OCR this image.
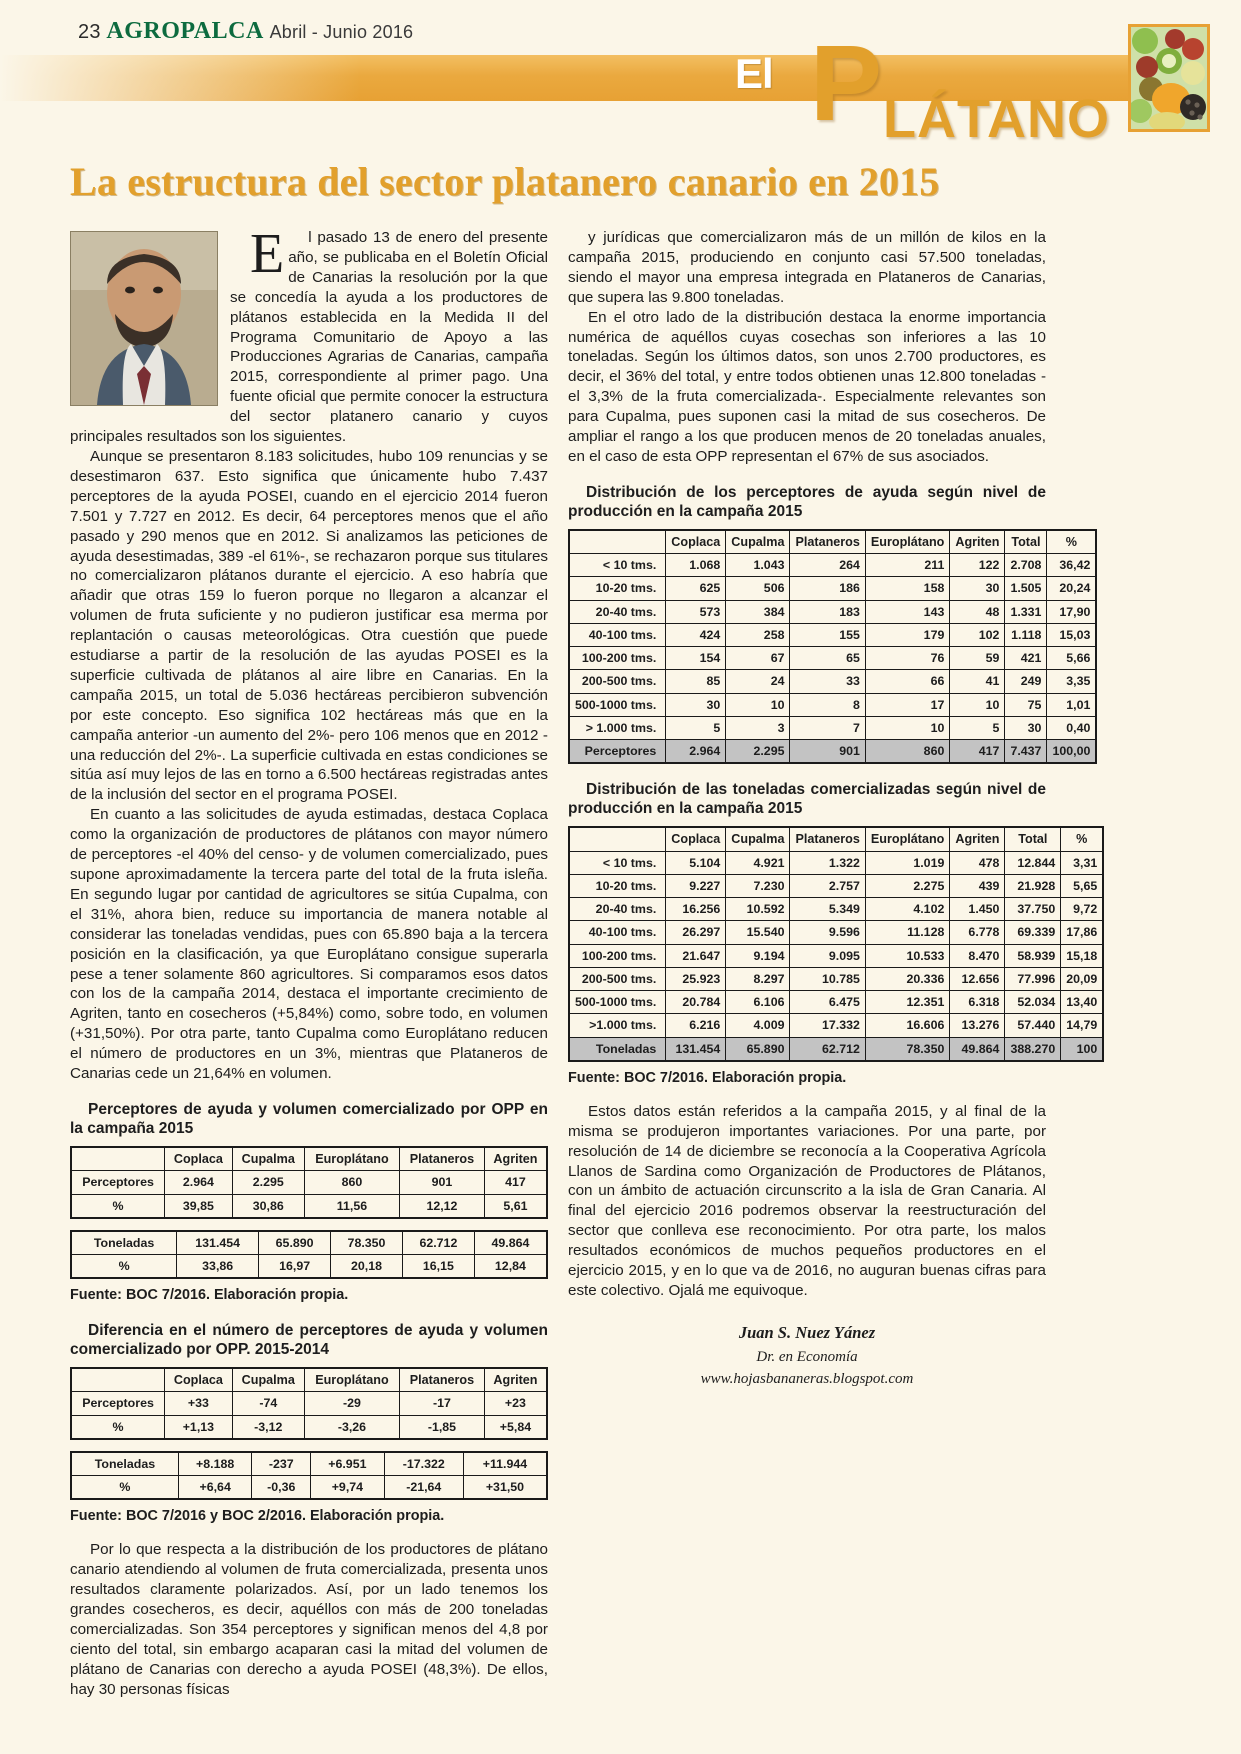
23 AGROPALCA Abril - Junio 2016
El P LÁTANO
La estructura del sector platanero canario en 2015

E l pasado 13 de enero del presente año, se publicaba en el Boletín Oficial de Canarias la resolución por la que se concedía la ayuda a los productores de plátanos establecida en la Medida II del Programa Comunitario de Apoyo a las Producciones Agrarias de Canarias, campaña 2015, correspondiente al primer pago. Una fuente oficial que permite conocer la estructura del sector platanero canario y cuyos principales resultados son los siguientes.

Aunque se presentaron 8.183 solicitudes, hubo 109 renuncias y se desestimaron 637. Esto significa que únicamente hubo 7.437 perceptores de la ayuda POSEI, cuando en el ejercicio 2014 fueron 7.501 y 7.727 en 2012. Es decir, 64 perceptores menos que el año pasado y 290 menos que en 2012. Si analizamos las peticiones de ayuda desestimadas, 389 -el 61%-, se rechazaron porque sus titulares no comercializaron plátanos durante el ejercicio. A eso habría que añadir que otras 159 lo fueron porque no llegaron a alcanzar el volumen de fruta suficiente y no pudieron justificar esa merma por replantación o causas meteorológicas. Otra cuestión que puede estudiarse a partir de la resolución de las ayudas POSEI es la superficie cultivada de plátanos al aire libre en Canarias. En la campaña 2015, un total de 5.036 hectáreas percibieron subvención por este concepto. Eso significa 102 hectáreas más que en la campaña anterior -un aumento del 2%- pero 106 menos que en 2012 -una reducción del 2%-. La superficie cultivada en estas condiciones se sitúa así muy lejos de las en torno a 6.500 hectáreas registradas antes de la inclusión del sector en el programa POSEI.

En cuanto a las solicitudes de ayuda estimadas, destaca Coplaca como la organización de productores de plátanos con mayor número de perceptores -el 40% del censo- y de volumen comercializado, pues supone aproximadamente la tercera parte del total de la fruta isleña. En segundo lugar por cantidad de agricultores se sitúa Cupalma, con el 31%, ahora bien, reduce su importancia de manera notable al considerar las toneladas vendidas, pues con 65.890 baja a la tercera posición en la clasificación, ya que Europlátano consigue superarla pese a tener solamente 860 agricultores. Si comparamos esos datos con los de la campaña 2014, destaca el importante crecimiento de Agriten, tanto en cosecheros (+5,84%) como, sobre todo, en volumen (+31,50%). Por otra parte, tanto Cupalma como Europlátano reducen el número de productores en un 3%, mientras que Plataneros de Canarias cede un 21,64% en volumen.

Perceptores de ayuda y volumen comercializado por OPP en la campaña 2015
	Coplaca	Cupalma	Europlátano	Plataneros	Agriten
Perceptores	2.964	2.295	860	901	417
%	39,85	30,86	11,56	12,12	5,61
Toneladas	131.454	65.890	78.350	62.712	49.864
%	33,86	16,97	20,18	16,15	12,84
Fuente: BOC 7/2016. Elaboración propia.
Diferencia en el número de perceptores de ayuda y volumen comercializado por OPP. 2015-2014
	Coplaca	Cupalma	Europlátano	Plataneros	Agriten
Perceptores	+33	-74	-29	-17	+23
%	+1,13	-3,12	-3,26	-1,85	+5,84
Toneladas	+8.188	-237	+6.951	-17.322	+11.944
%	+6,64	-0,36	+9,74	-21,64	+31,50
Fuente: BOC 7/2016 y BOC 2/2016. Elaboración propia.

Por lo que respecta a la distribución de los productores de plátano canario atendiendo al volumen de fruta comercializada, presenta unos resultados claramente polarizados. Así, por un lado tenemos los grandes cosecheros, es decir, aquéllos con más de 200 toneladas comercializadas. Son 354 perceptores y significan menos del 4,8 por ciento del total, sin embargo acaparan casi la mitad del volumen de plátano de Canarias con derecho a ayuda POSEI (48,3%). De ellos, hay 30 personas físicas

y jurídicas que comercializaron más de un millón de kilos en la campaña 2015, produciendo en conjunto casi 57.500 toneladas, siendo el mayor una empresa integrada en Plataneros de Canarias, que supera las 9.800 toneladas.

En el otro lado de la distribución destaca la enorme importancia numérica de aquéllos cuyas cosechas son inferiores a las 10 toneladas. Según los últimos datos, son unos 2.700 productores, es decir, el 36% del total, y entre todos obtienen unas 12.800 toneladas -el 3,3% de la fruta comercializada-. Especialmente relevantes son para Cupalma, pues suponen casi la mitad de sus cosecheros. De ampliar el rango a los que producen menos de 20 toneladas anuales, en el caso de esta OPP representan el 67% de sus asociados.

Distribución de los perceptores de ayuda según nivel de producción en la campaña 2015
	Coplaca	Cupalma	Plataneros	Europlátano	Agriten	Total	%
< 10 tms.	1.068	1.043	264	211	122	2.708	36,42
10-20 tms.	625	506	186	158	30	1.505	20,24
20-40 tms.	573	384	183	143	48	1.331	17,90
40-100 tms.	424	258	155	179	102	1.118	15,03
100-200 tms.	154	67	65	76	59	421	5,66
200-500 tms.	85	24	33	66	41	249	3,35
500-1000 tms.	30	10	8	17	10	75	1,01
> 1.000 tms.	5	3	7	10	5	30	0,40
Perceptores	2.964	2.295	901	860	417	7.437	100,00
Distribución de las toneladas comercializadas según nivel de producción en la campaña 2015
	Coplaca	Cupalma	Plataneros	Europlátano	Agriten	Total	%
< 10 tms.	5.104	4.921	1.322	1.019	478	12.844	3,31
10-20 tms.	9.227	7.230	2.757	2.275	439	21.928	5,65
20-40 tms.	16.256	10.592	5.349	4.102	1.450	37.750	9,72
40-100 tms.	26.297	15.540	9.596	11.128	6.778	69.339	17,86
100-200 tms.	21.647	9.194	9.095	10.533	8.470	58.939	15,18
200-500 tms.	25.923	8.297	10.785	20.336	12.656	77.996	20,09
500-1000 tms.	20.784	6.106	6.475	12.351	6.318	52.034	13,40
>1.000 tms.	6.216	4.009	17.332	16.606	13.276	57.440	14,79
Toneladas	131.454	65.890	62.712	78.350	49.864	388.270	100
Fuente: BOC 7/2016. Elaboración propia.

Estos datos están referidos a la campaña 2015, y al final de la misma se produjeron importantes variaciones. Por una parte, por resolución de 14 de diciembre se reconocía a la Cooperativa Agrícola Llanos de Sardina como Organización de Productores de Plátanos, con un ámbito de actuación circunscrito a la isla de Gran Canaria. Al final del ejercicio 2016 podremos observar la reestructuración del sector que conlleva ese reconocimiento. Por otra parte, los malos resultados económicos de muchos pequeños productores en el ejercicio 2015, y en lo que va de 2016, no auguran buenas cifras para este colectivo. Ojalá me equivoque.

Juan S. Nuez Yánez
Dr. en Economía
www.hojasbananeras.blogspot.com
